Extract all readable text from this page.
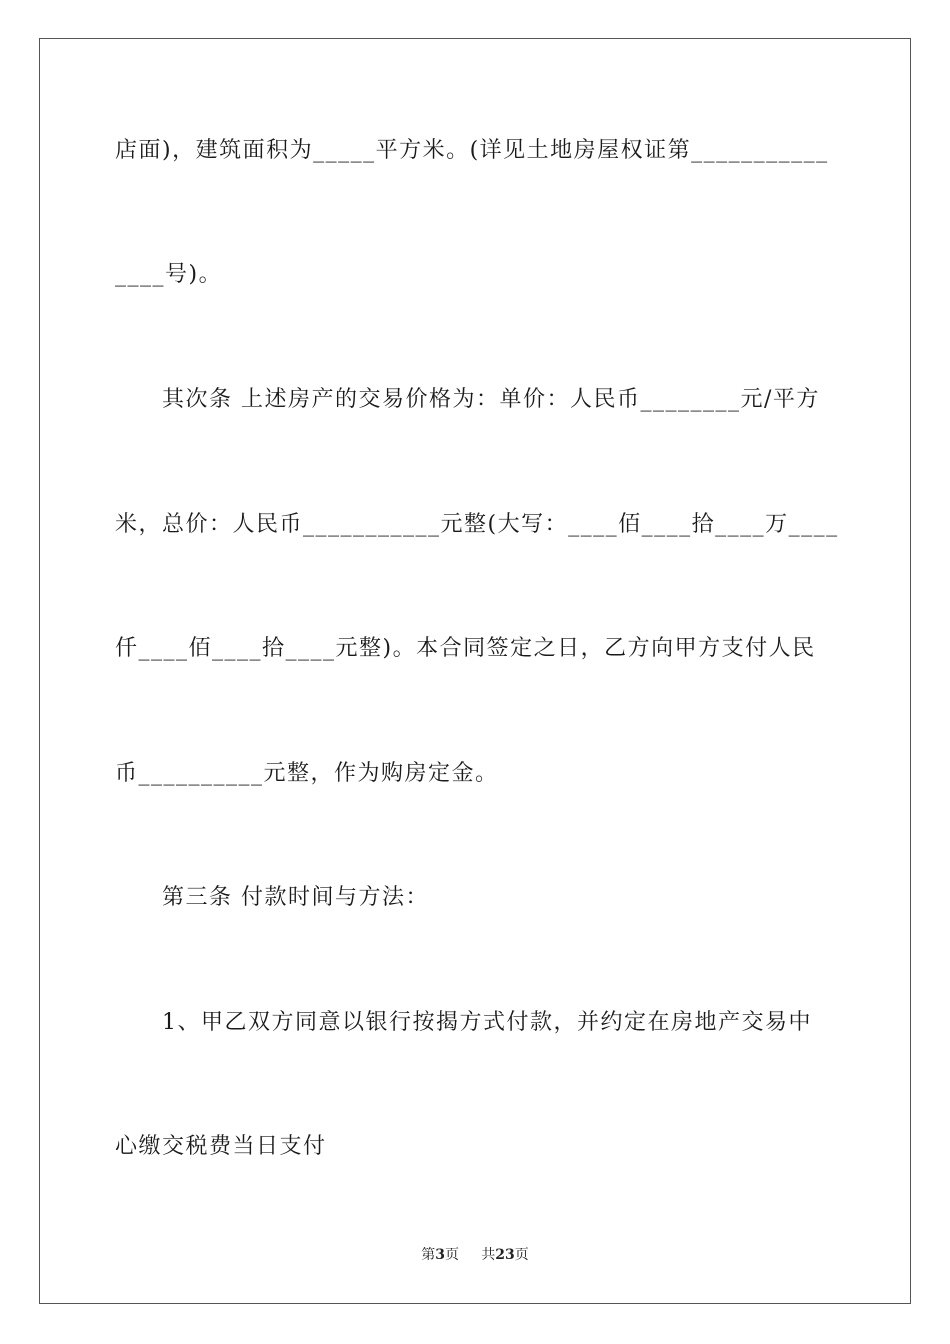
店面)，建筑面积为_____平方米。(详见土地房屋权证第___________
____号)。
其次条 上述房产的交易价格为：单价：人民币________元/平方
米，总价：人民币___________元整(大写：____佰____拾____万____
仟____佰____拾____元整)。本合同签定之日，乙方向甲方支付人民
币__________元整，作为购房定金。
第三条 付款时间与方法：
1、甲乙双方同意以银行按揭方式付款，并约定在房地产交易中
心缴交税费当日支付
第3页 共23页
